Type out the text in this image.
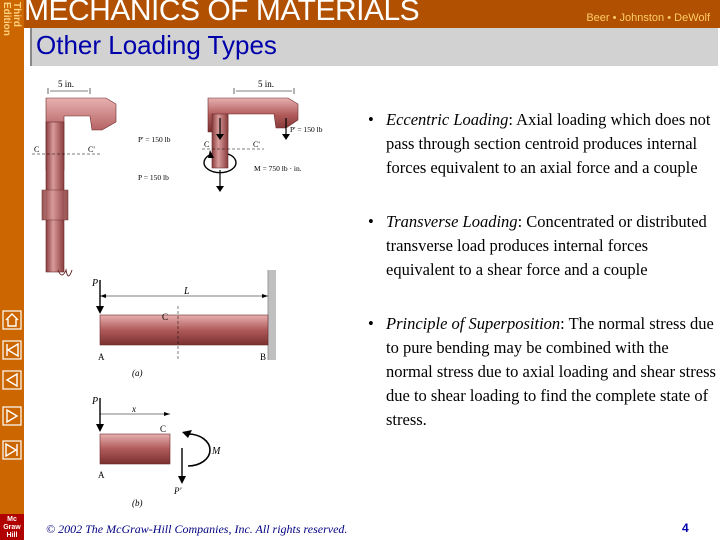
Third
Edition
Mc
Graw
Hill
MECHANICS OF MATERIALS	Beer • Johnston • DeWolf
Other Loading Types
5 in.
C	C'
5 in.
P' = 150 lb
P' = 150 lb
C	C'
M = 750 lb · in.
P = 150 lb
P
L
C
A	B
(a)
P
x
C
A
P'
M
(b)
• Eccentric Loading: Axial loading which does not pass through section centroid produces internal forces equivalent to an axial force and a couple
• Transverse Loading: Concentrated or distributed transverse load produces internal forces equivalent to a shear force and a couple
• Principle of Superposition: The normal stress due to pure bending may be combined with the normal stress due to axial loading and shear stress due to shear loading to find the complete state of stress.
© 2002 The McGraw-Hill Companies, Inc. All rights reserved.	4
